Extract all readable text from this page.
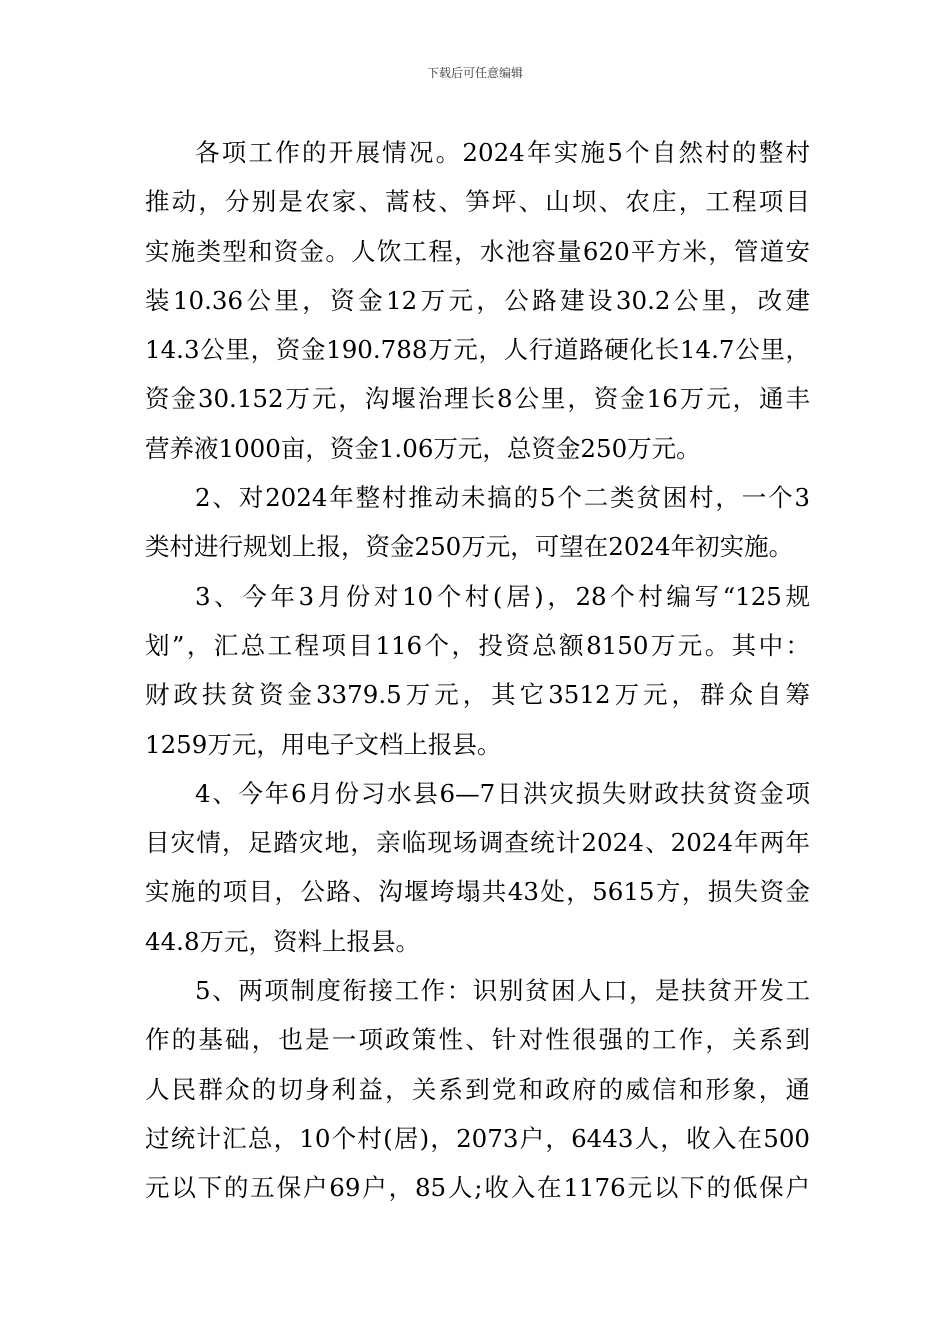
下载后可任意编辑
各项工作的开展情况。2024年实施5个自然村的整村
推动，分别是农家、蒿枝、笋坪、山坝、农庄，工程项目
实施类型和资金。人饮工程，水池容量620平方米，管道安
装10.36公里，资金12万元，公路建设30.2公里，改建
14.3公里，资金190.788万元，人行道路硬化长14.7公里，
资金30.152万元，沟堰治理长8公里，资金16万元，通丰
营养液1000亩，资金1.06万元，总资金250万元。
2、对2024年整村推动未搞的5个二类贫困村，一个3
类村进行规划上报，资金250万元，可望在2024年初实施。
3、今年3月份对10个村(居)，28个村编写“125规
划”，汇总工程项目116个，投资总额8150万元。其中：
财政扶贫资金3379.5万元，其它3512万元，群众自筹
1259万元，用电子文档上报县。
4、今年6月份习水县6—7日洪灾损失财政扶贫资金项
目灾情，足踏灾地，亲临现场调查统计2024、2024年两年
实施的项目，公路、沟堰垮塌共43处，5615方，损失资金
44.8万元，资料上报县。
5、两项制度衔接工作：识别贫困人口，是扶贫开发工
作的基础，也是一项政策性、针对性很强的工作，关系到
人民群众的切身利益，关系到党和政府的威信和形象，通
过统计汇总，10个村(居)，2073户，6443人，收入在500
元以下的五保户69户，85人;收入在1176元以下的低保户
